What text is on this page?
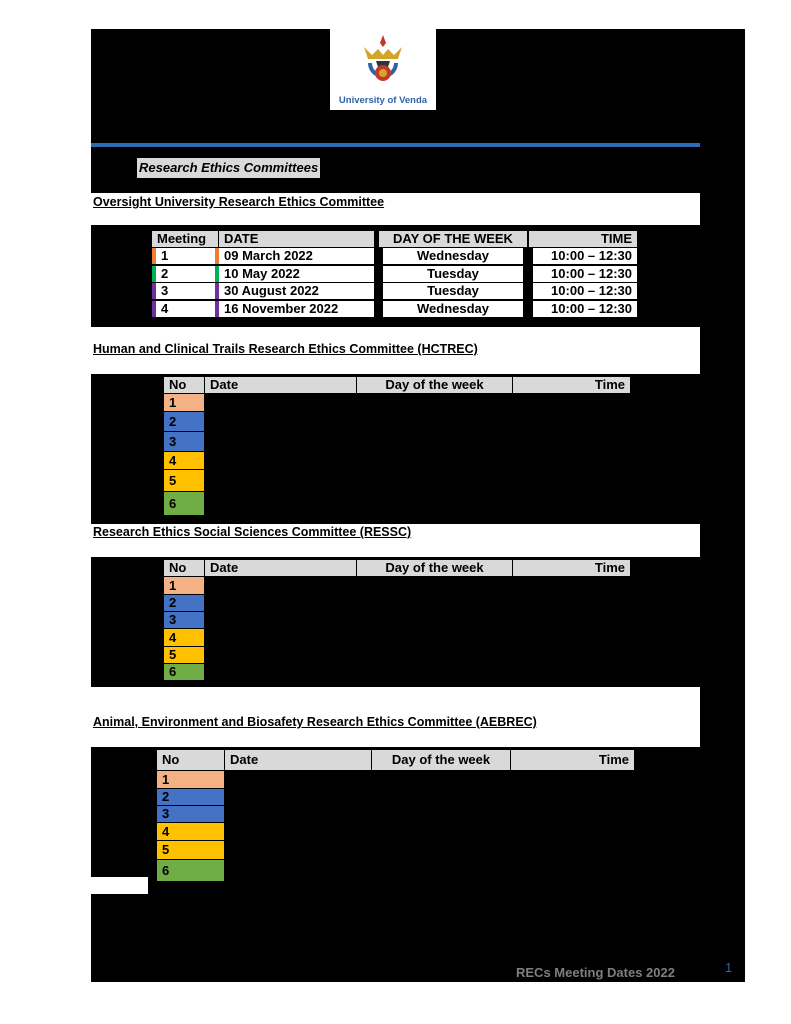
University of Venda
Research Ethics Committees
Oversight University Research Ethics Committee
Meeting	DATE	DAY OF THE WEEK	TIME
1	09 March 2022	Wednesday	10:00 – 12:30
2	10 May 2022	Tuesday	10:00 – 12:30
3	30 August 2022	Tuesday	10:00 – 12:30
4	16 November 2022	Wednesday	10:00 – 12:30
Human and Clinical Trails Research Ethics Committee (HCTREC)
No	Date	Day of the week	Time
1
2
3
4
5
6
Research Ethics Social Sciences Committee (RESSC)
No	Date	Day of the week	Time
1
2
3
4
5
6
Animal, Environment and Biosafety Research Ethics Committee (AEBREC)
No	Date	Day of the week	Time
1
2
3
4
5
6
RECs Meeting Dates 2022	1
